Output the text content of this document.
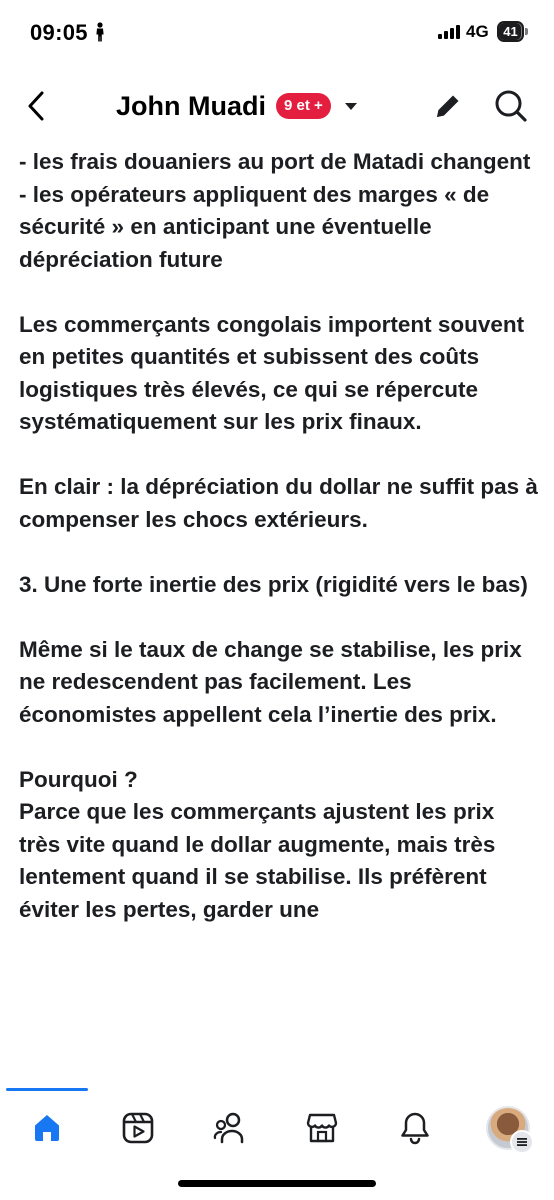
09:05	4G	41
John Muadi	9 et +

- les frais douaniers au port de Matadi changent
- les opérateurs appliquent des marges « de sécurité » en anticipant une éventuelle dépréciation future

Les commerçants congolais importent souvent en petites quantités et subissent des coûts logistiques très élevés, ce qui se répercute systématiquement sur les prix finaux.

En clair : la dépréciation du dollar ne suffit pas à compenser les chocs extérieurs.

3. Une forte inertie des prix (rigidité vers le bas)

Même si le taux de change se stabilise, les prix ne redescendent pas facilement. Les économistes appellent cela l’inertie des prix.

Pourquoi ?
Parce que les commerçants ajustent les prix très vite quand le dollar augmente, mais très lentement quand il se stabilise. Ils préfèrent éviter les pertes, garder une
